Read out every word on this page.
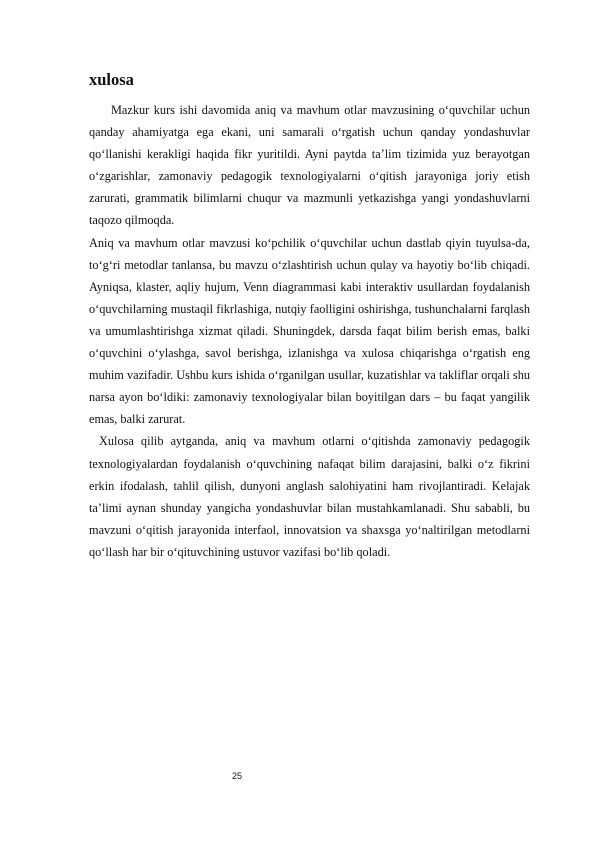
xulosa

Mazkur kurs ishi davomida aniq va mavhum otlar mavzusining o‘quvchilar uchun qanday ahamiyatga ega ekani, uni samarali o‘rgatish uchun qanday yondashuvlar qo‘llanishi kerakligi haqida fikr yuritildi. Ayni paytda ta’lim tizimida yuz berayotgan o‘zgarishlar, zamonaviy pedagogik texnologiyalarni o‘qitish jarayoniga joriy etish zarurati, grammatik bilimlarni chuqur va mazmunli yetkazishga yangi yondashuvlarni taqozo qilmoqda.

Aniq va mavhum otlar mavzusi ko‘pchilik o‘quvchilar uchun dastlab qiyin tuyulsa-da, to‘g‘ri metodlar tanlansa, bu mavzu o‘zlashtirish uchun qulay va hayotiy bo‘lib chiqadi. Ayniqsa, klaster, aqliy hujum, Venn diagrammasi kabi interaktiv usullardan foydalanish o‘quvchilarning mustaqil fikrlashiga, nutqiy faolligini oshirishga, tushunchalarni farqlash va umumlashtirishga xizmat qiladi. Shuningdek, darsda faqat bilim berish emas, balki o‘quvchini o‘ylashga, savol berishga, izlanishga va xulosa chiqarishga o‘rgatish eng muhim vazifadir. Ushbu kurs ishida o‘rganilgan usullar, kuzatishlar va takliflar orqali shu narsa ayon bo‘ldiki: zamonaviy texnologiyalar bilan boyitilgan dars – bu faqat yangilik emas, balki zarurat.

Xulosa qilib aytganda, aniq va mavhum otlarni o‘qitishda zamonaviy pedagogik texnologiyalardan foydalanish o‘quvchining nafaqat bilim darajasini, balki o‘z fikrini erkin ifodalash, tahlil qilish, dunyoni anglash salohiyatini ham rivojlantiradi. Kelajak ta’limi aynan shunday yangicha yondashuvlar bilan mustahkamlanadi. Shu sababli, bu mavzuni o‘qitish jarayonida interfaol, innovatsion va shaxsga yo‘naltirilgan metodlarni qo‘llash har bir o‘qituvchining ustuvor vazifasi bo‘lib qoladi.

25
